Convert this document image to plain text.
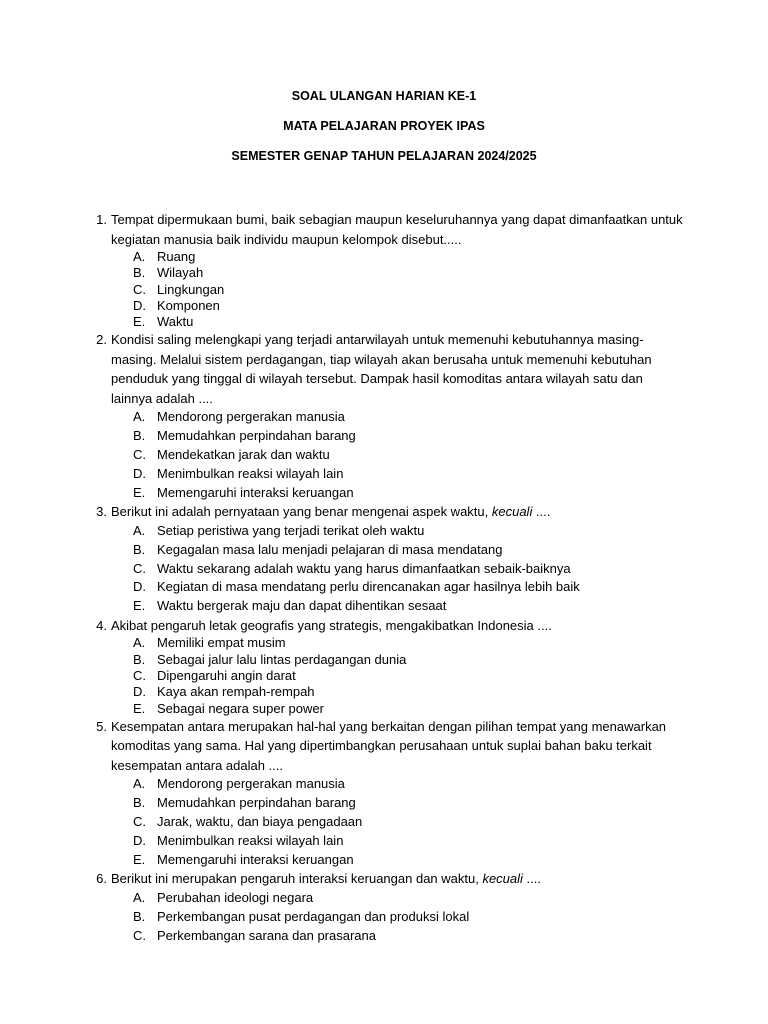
SOAL ULANGAN HARIAN KE-1
MATA PELAJARAN PROYEK IPAS
SEMESTER GENAP TAHUN PELAJARAN 2024/2025
1. Tempat dipermukaan bumi, baik sebagian maupun keseluruhannya yang dapat dimanfaatkan untuk kegiatan manusia baik individu maupun kelompok disebut.....
A. Ruang
B. Wilayah
C. Lingkungan
D. Komponen
E. Waktu
2. Kondisi saling melengkapi yang terjadi antarwilayah untuk memenuhi kebutuhannya masing-masing. Melalui sistem perdagangan, tiap wilayah akan berusaha untuk memenuhi kebutuhan penduduk yang tinggal di wilayah tersebut. Dampak hasil komoditas antara wilayah satu dan lainnya adalah ....
A. Mendorong pergerakan manusia
B. Memudahkan perpindahan barang
C. Mendekatkan jarak dan waktu
D. Menimbulkan reaksi wilayah lain
E. Memengaruhi interaksi keruangan
3. Berikut ini adalah pernyataan yang benar mengenai aspek waktu, kecuali ....
A. Setiap peristiwa yang terjadi terikat oleh waktu
B. Kegagalan masa lalu menjadi pelajaran di masa mendatang
C. Waktu sekarang adalah waktu yang harus dimanfaatkan sebaik-baiknya
D. Kegiatan di masa mendatang perlu direncanakan agar hasilnya lebih baik
E. Waktu bergerak maju dan dapat dihentikan sesaat
4. Akibat pengaruh letak geografis yang strategis, mengakibatkan Indonesia ....
A. Memiliki empat musim
B. Sebagai jalur lalu lintas perdagangan dunia
C. Dipengaruhi angin darat
D. Kaya akan rempah-rempah
E. Sebagai negara super power
5. Kesempatan antara merupakan hal-hal yang berkaitan dengan pilihan tempat yang menawarkan komoditas yang sama. Hal yang dipertimbangkan perusahaan untuk suplai bahan baku terkait kesempatan antara adalah ....
A. Mendorong pergerakan manusia
B. Memudahkan perpindahan barang
C. Jarak, waktu, dan biaya pengadaan
D. Menimbulkan reaksi wilayah lain
E. Memengaruhi interaksi keruangan
6. Berikut ini merupakan pengaruh interaksi keruangan dan waktu, kecuali ....
A. Perubahan ideologi negara
B. Perkembangan pusat perdagangan dan produksi lokal
C. Perkembangan sarana dan prasarana
